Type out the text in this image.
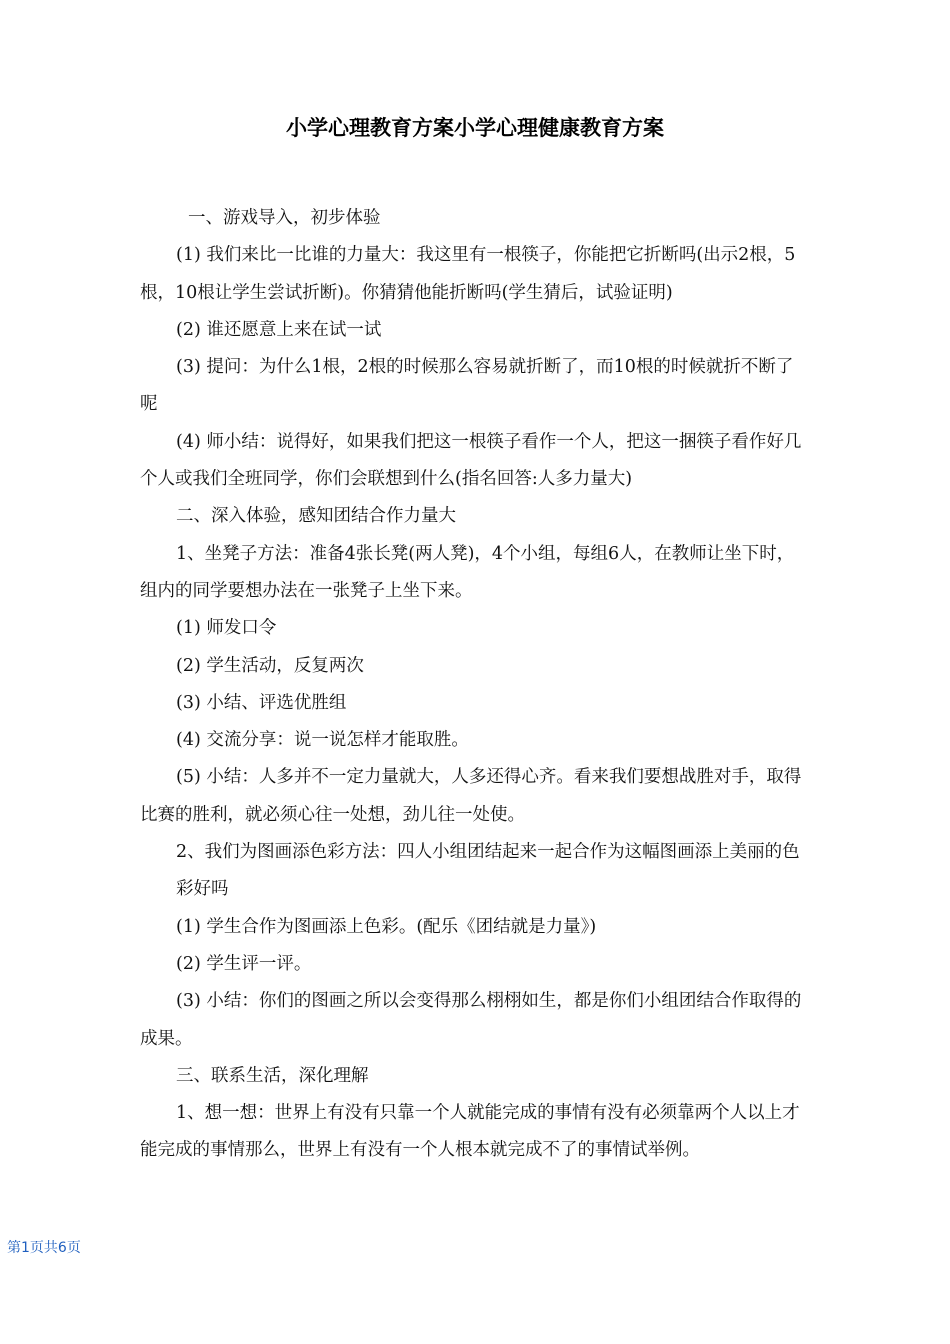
小学心理教育方案小学心理健康教育方案

一、游戏导入，初步体验

(1) 我们来比一比谁的力量大：我这里有一根筷子，你能把它折断吗(出示2根，5根，10根让学生尝试折断)。你猜猜他能折断吗(学生猜后，试验证明)

(2) 谁还愿意上来在试一试

(3) 提问：为什么1根，2根的时候那么容易就折断了，而10根的时候就折不断了呢

(4) 师小结：说得好，如果我们把这一根筷子看作一个人，把这一捆筷子看作好几个人或我们全班同学，你们会联想到什么(指名回答:人多力量大)

二、深入体验，感知团结合作力量大

1、坐凳子方法：准备4张长凳(两人凳)，4个小组，每组6人，在教师让坐下时，组内的同学要想办法在一张凳子上坐下来。

(1) 师发口令

(2) 学生活动，反复两次

(3) 小结、评选优胜组

(4) 交流分享：说一说怎样才能取胜。

(5) 小结：人多并不一定力量就大，人多还得心齐。看来我们要想战胜对手，取得比赛的胜利，就必须心往一处想，劲儿往一处使。

2、我们为图画添色彩方法：四人小组团结起来一起合作为这幅图画添上美丽的色彩好吗

(1) 学生合作为图画添上色彩。(配乐《团结就是力量》)

(2) 学生评一评。

(3) 小结：你们的图画之所以会变得那么栩栩如生，都是你们小组团结合作取得的成果。

三、联系生活，深化理解

1、想一想：世界上有没有只靠一个人就能完成的事情有没有必须靠两个人以上才能完成的事情那么，世界上有没有一个人根本就完成不了的事情试举例。

第1页共6页
